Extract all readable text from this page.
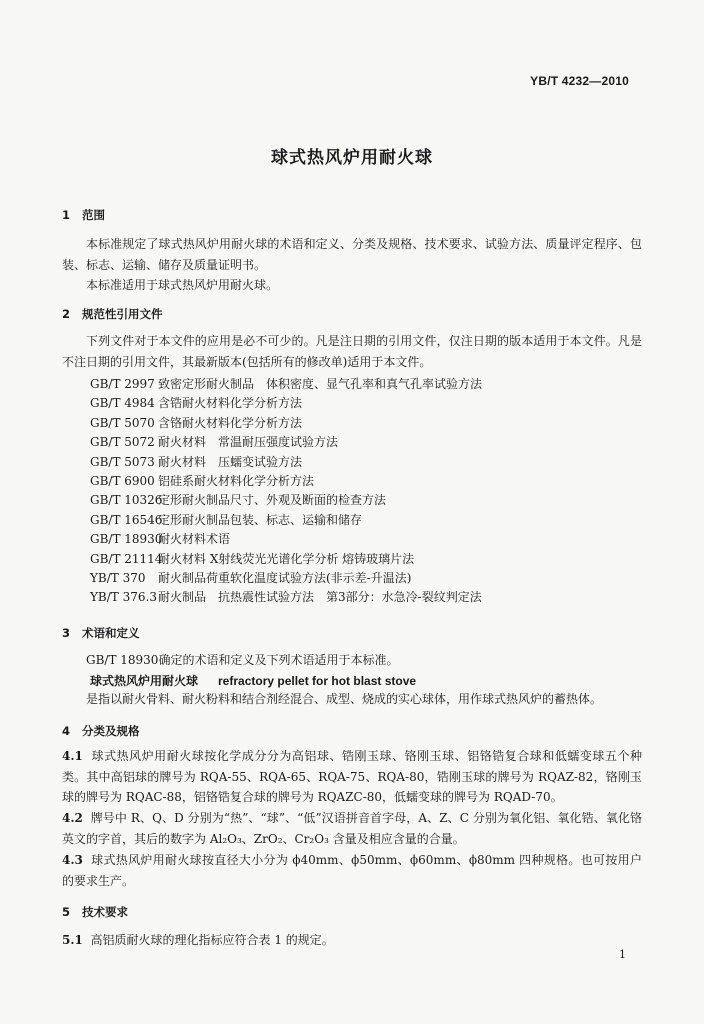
YB/T 4232—2010
球式热风炉用耐火球
1 范围
本标准规定了球式热风炉用耐火球的术语和定义、分类及规格、技术要求、试验方法、质量评定程序、包装、标志、运输、储存及质量证明书。
本标准适用于球式热风炉用耐火球。
2 规范性引用文件
下列文件对于本文件的应用是必不可少的。凡是注日期的引用文件，仅注日期的版本适用于本文件。凡是不注日期的引用文件，其最新版本(包括所有的修改单)适用于本文件。
GB/T 2997 致密定形耐火制品　体积密度、显气孔率和真气孔率试验方法
GB/T 4984 含锆耐火材料化学分析方法
GB/T 5070 含铬耐火材料化学分析方法
GB/T 5072 耐火材料　常温耐压强度试验方法
GB/T 5073 耐火材料　压蠕变试验方法
GB/T 6900 铝硅系耐火材料化学分析方法
GB/T 10326定形耐火制品尺寸、外观及断面的检查方法
GB/T 16546定形耐火制品包装、标志、运输和储存
GB/T 18930耐火材料术语
GB/T 21114耐火材料 X射线荧光光谱化学分析 熔铸玻璃片法
YB/T 370 耐火制品荷重软化温度试验方法(非示差-升温法)
YB/T 376.3耐火制品　抗热震性试验方法　第3部分：水急冷-裂纹判定法
3 术语和定义
GB/T 18930确定的术语和定义及下列术语适用于本标准。
球式热风炉用耐火球 refractory pellet for hot blast stove
是指以耐火骨料、耐火粉料和结合剂经混合、成型、烧成的实心球体，用作球式热风炉的蓄热体。
4 分类及规格
4.1 球式热风炉用耐火球按化学成分分为高铝球、锆刚玉球、铬刚玉球、铝铬锆复合球和低蠕变球五个种类。其中高铝球的牌号为 RQA-55、RQA-65、RQA-75、RQA-80，锆刚玉球的牌号为 RQAZ-82，铬刚玉球的牌号为 RQAC-88，铝铬锆复合球的牌号为 RQAZC-80，低蠕变球的牌号为 RQAD-70。
4.2 牌号中 R、Q、D 分别为“热”、“球”、“低”汉语拼音首字母，A、Z、C 分别为氧化铝、氧化锆、氧化铬英文的字首，其后的数字为 Al₂O₃、ZrO₂、Cr₂O₃ 含量及相应含量的合量。
4.3 球式热风炉用耐火球按直径大小分为 ϕ40mm、ϕ50mm、ϕ60mm、ϕ80mm 四种规格。也可按用户的要求生产。
5 技术要求
5.1 高铝质耐火球的理化指标应符合表 1 的规定。
1
